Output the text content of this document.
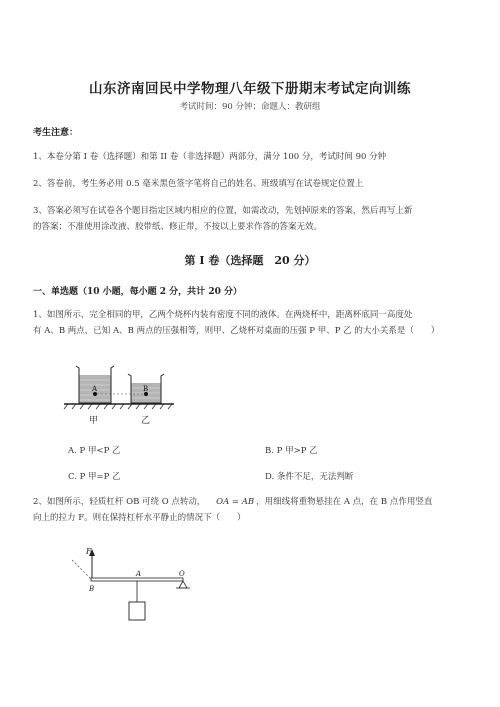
山东济南回民中学物理八年级下册期末考试定向训练
考试时间：90 分钟；命题人：教研组
考生注意：
1、本卷分第 I 卷（选择题）和第 II 卷（非选择题）两部分，满分 100 分，考试时间 90 分钟
2、答卷前，考生务必用 0.5 毫米黑色签字笔将自己的姓名、班级填写在试卷规定位置上
3、答案必须写在试卷各个题目指定区域内相应的位置，如需改动，先划掉原来的答案，然后再写上新
的答案；不准使用涂改液、胶带纸、修正带，不按以上要求作答的答案无效。
第 I 卷（选择题　20 分）
一、单选题（10 小题，每小题 2 分，共计 20 分）
1、如图所示，完全相同的甲，乙两个烧杯内装有密度不同的液体。在两烧杯中，距离杯底同一高度处
有 A、B 两点，已知 A、B 两点的压强相等，则甲、乙烧杯对桌面的压强 P 甲、P 乙 的大小关系是（　　）
A	B
甲	乙
A. P 甲<P 乙	B. P 甲>P 乙
C. P 甲=P 乙	D. 条件不足，无法判断
2、如图所示，轻质杠杆 OB 可绕 O 点转动， OA = AB ，用细线将重物悬挂在 A 点，在 B 点作用竖直
向上的拉力 F。则在保持杠杆水平静止的情况下（　　）
F
O
A
B
